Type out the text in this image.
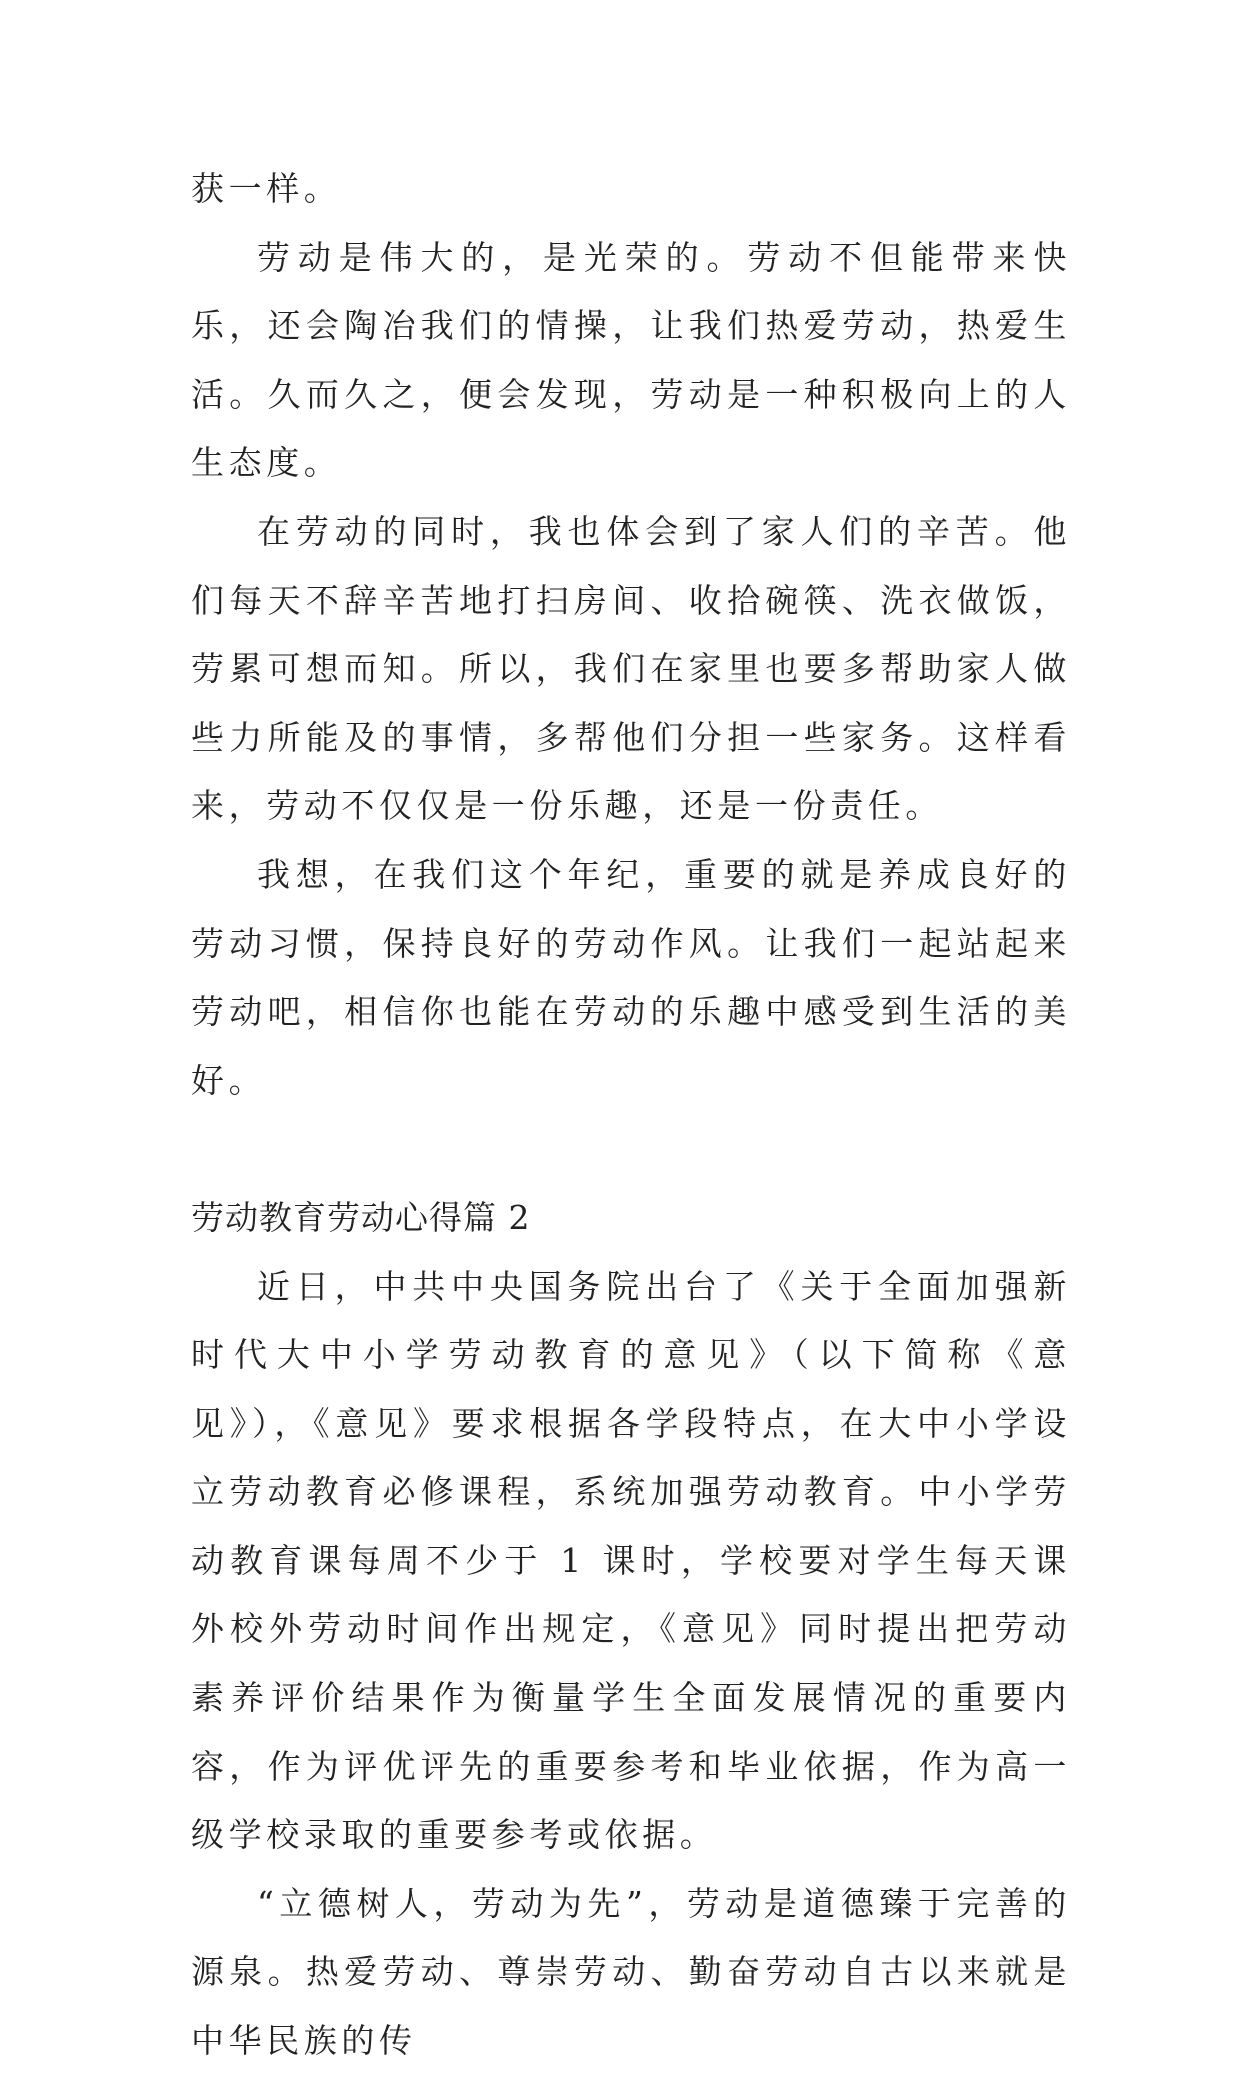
获一样。

劳动是伟大的，是光荣的。劳动不但能带来快乐，还会陶冶我们的情操，让我们热爱劳动，热爱生活。久而久之，便会发现，劳动是一种积极向上的人生态度。

在劳动的同时，我也体会到了家人们的辛苦。他们每天不辞辛苦地打扫房间、收拾碗筷、洗衣做饭，劳累可想而知。所以，我们在家里也要多帮助家人做些力所能及的事情，多帮他们分担一些家务。这样看来，劳动不仅仅是一份乐趣，还是一份责任。

我想，在我们这个年纪，重要的就是养成良好的劳动习惯，保持良好的劳动作风。让我们一起站起来劳动吧，相信你也能在劳动的乐趣中感受到生活的美好。

劳动教育劳动心得篇 2

近日，中共中央国务院出台了《关于全面加强新时代大中小学劳动教育的意见》（以下简称《意见》），《意见》要求根据各学段特点，在大中小学设立劳动教育必修课程，系统加强劳动教育。中小学劳动教育课每周不少于 1 课时，学校要对学生每天课外校外劳动时间作出规定，《意见》同时提出把劳动素养评价结果作为衡量学生全面发展情况的重要内容，作为评优评先的重要参考和毕业依据，作为高一级学校录取的重要参考或依据。

“立德树人，劳动为先”，劳动是道德臻于完善的源泉。热爱劳动、尊崇劳动、勤奋劳动自古以来就是中华民族的传
